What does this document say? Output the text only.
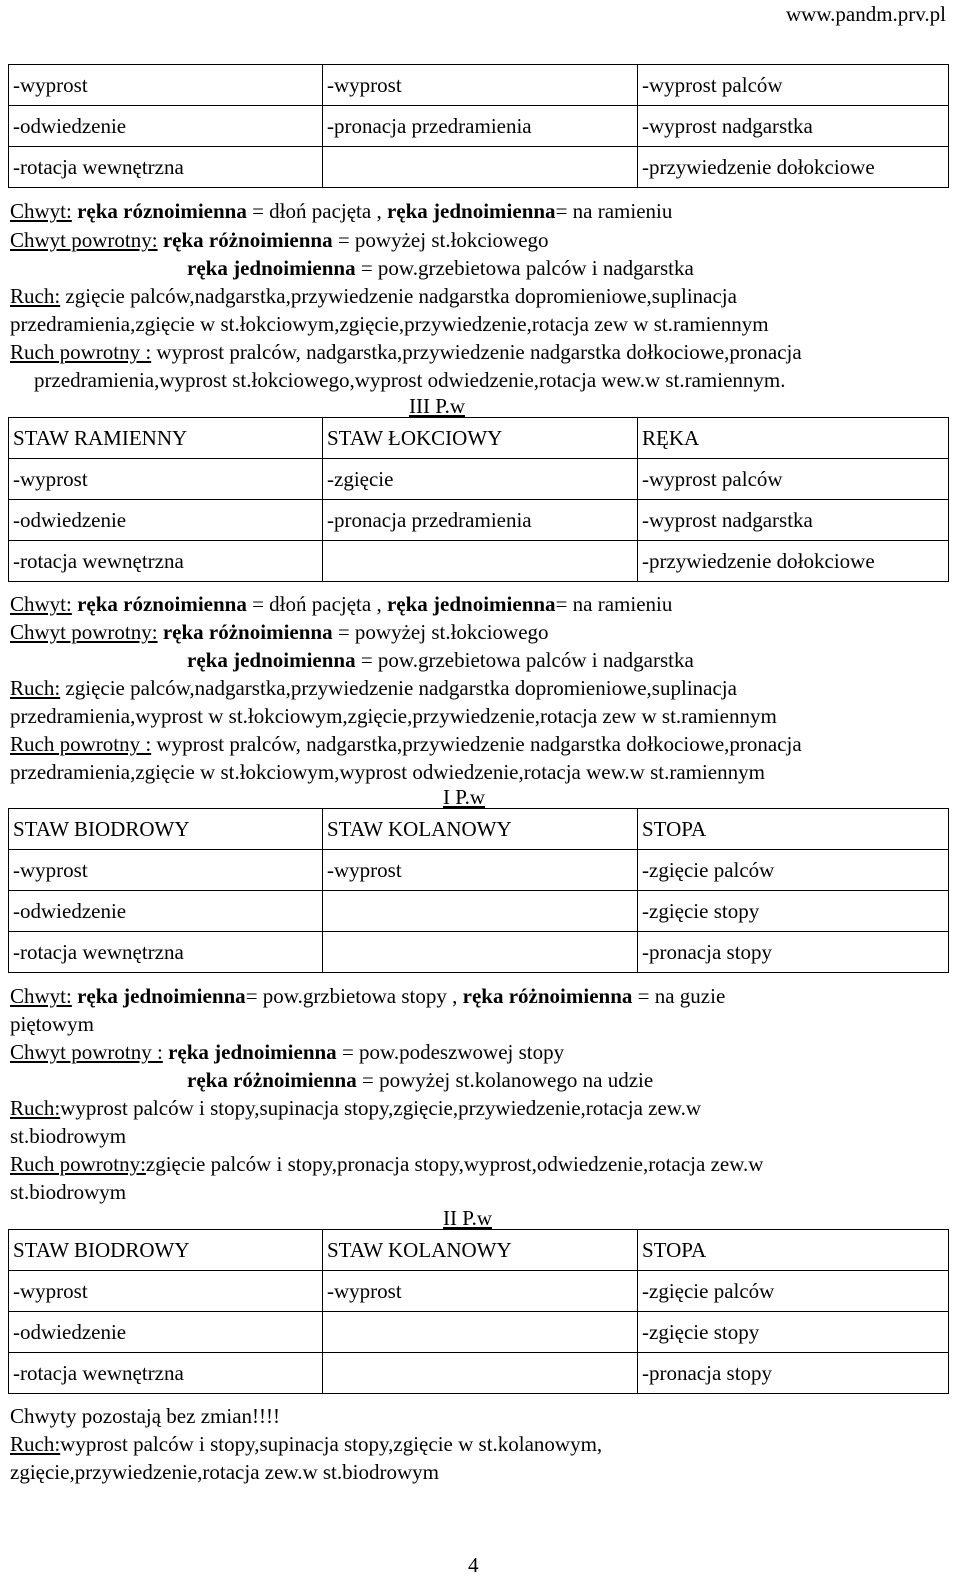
www.pandm.prv.pl
-wyprost	-wyprost	-wyprost palców
-odwiedzenie	-pronacja przedramienia	-wyprost nadgarstka
-rotacja wewnętrzna		-przywiedzenie dołokciowe
Chwyt: ręka róznoimienna = dłoń pacjęta , ręka jednoimienna= na ramieniu
Chwyt powrotny: ręka różnoimienna = powyżej st.łokciowego
ręka jednoimienna = pow.grzebietowa palców i nadgarstka
Ruch: zgięcie palców,nadgarstka,przywiedzenie nadgarstka dopromieniowe,suplinacja
przedramienia,zgięcie w st.łokciowym,zgięcie,przywiedzenie,rotacja zew w st.ramiennym
Ruch powrotny : wyprost pralców, nadgarstka,przywiedzenie nadgarstka dołkociowe,pronacja
przedramienia,wyprost st.łokciowego,wyprost odwiedzenie,rotacja wew.w st.ramiennym.
III P.w
STAW RAMIENNY	STAW ŁOKCIOWY	RĘKA
-wyprost	-zgięcie	-wyprost palców
-odwiedzenie	-pronacja przedramienia	-wyprost nadgarstka
-rotacja wewnętrzna		-przywiedzenie dołokciowe
Chwyt: ręka róznoimienna = dłoń pacjęta , ręka jednoimienna= na ramieniu
Chwyt powrotny: ręka różnoimienna = powyżej st.łokciowego
ręka jednoimienna = pow.grzebietowa palców i nadgarstka
Ruch: zgięcie palców,nadgarstka,przywiedzenie nadgarstka dopromieniowe,suplinacja
przedramienia,wyprost w st.łokciowym,zgięcie,przywiedzenie,rotacja zew w st.ramiennym
Ruch powrotny : wyprost pralców, nadgarstka,przywiedzenie nadgarstka dołkociowe,pronacja
przedramienia,zgięcie w st.łokciowym,wyprost odwiedzenie,rotacja wew.w st.ramiennym
I P.w
STAW BIODROWY	STAW KOLANOWY	STOPA
-wyprost	-wyprost	-zgięcie palców
-odwiedzenie		-zgięcie stopy
-rotacja wewnętrzna		-pronacja stopy
Chwyt: ręka jednoimienna= pow.grzbietowa stopy , ręka różnoimienna = na guzie
piętowym
Chwyt powrotny : ręka jednoimienna = pow.podeszwowej stopy
ręka różnoimienna = powyżej st.kolanowego na udzie
Ruch:wyprost palców i stopy,supinacja stopy,zgięcie,przywiedzenie,rotacja zew.w
st.biodrowym
Ruch powrotny:zgięcie palców i stopy,pronacja stopy,wyprost,odwiedzenie,rotacja zew.w
st.biodrowym
II P.w
STAW BIODROWY	STAW KOLANOWY	STOPA
-wyprost	-wyprost	-zgięcie palców
-odwiedzenie		-zgięcie stopy
-rotacja wewnętrzna		-pronacja stopy
Chwyty pozostają bez zmian!!!!
Ruch:wyprost palców i stopy,supinacja stopy,zgięcie w st.kolanowym,
zgięcie,przywiedzenie,rotacja zew.w st.biodrowym
4
